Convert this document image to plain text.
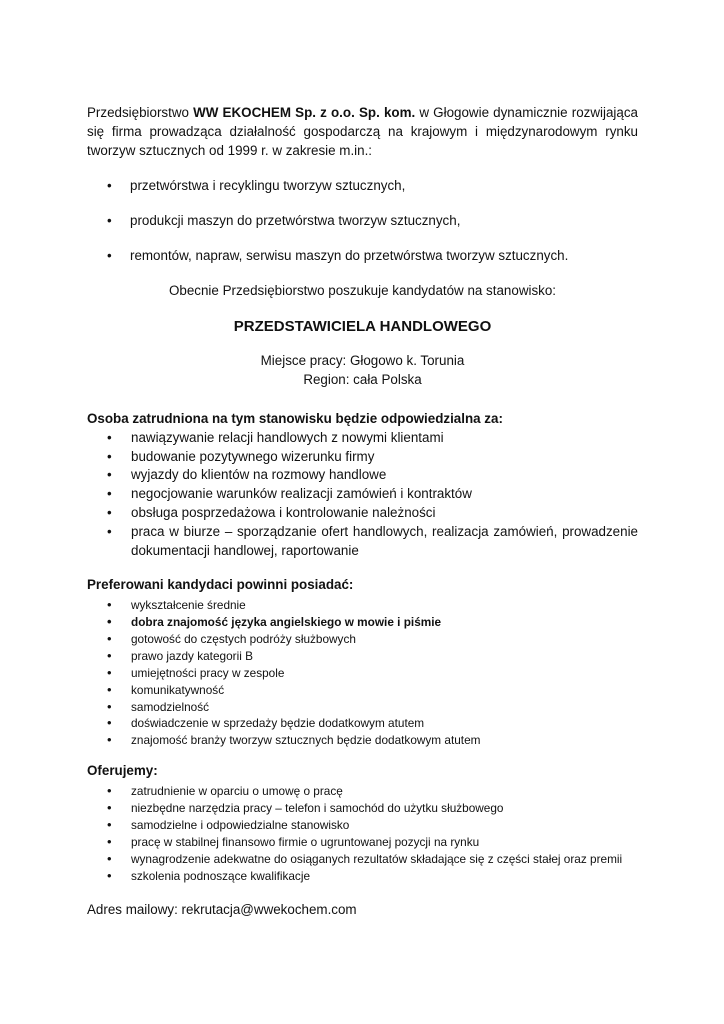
Przedsiębiorstwo WW EKOCHEM Sp. z o.o. Sp. kom. w Głogowie dynamicznie rozwijająca się firma prowadząca działalność gospodarczą na krajowym i międzynarodowym rynku tworzyw sztucznych od 1999 r. w zakresie m.in.:

• przetwórstwa i recyklingu tworzyw sztucznych,
• produkcji maszyn do przetwórstwa tworzyw sztucznych,
• remontów, napraw, serwisu maszyn do przetwórstwa tworzyw sztucznych.

Obecnie Przedsiębiorstwo poszukuje kandydatów na stanowisko:

PRZEDSTAWICIELA HANDLOWEGO

Miejsce pracy: Głogowo k. Torunia

Region: cała Polska

Osoba zatrudniona na tym stanowisku będzie odpowiedzialna za:

• nawiązywanie relacji handlowych z nowymi klientami
• budowanie pozytywnego wizerunku firmy
• wyjazdy do klientów na rozmowy handlowe
• negocjowanie warunków realizacji zamówień i kontraktów
• obsługa posprzedażowa i kontrolowanie należności
• praca w biurze – sporządzanie ofert handlowych, realizacja zamówień, prowadzenie dokumentacji handlowej, raportowanie

Preferowani kandydaci powinni posiadać:

• wykształcenie średnie
• dobra znajomość języka angielskiego w mowie i piśmie
• gotowość do częstych podróży służbowych
• prawo jazdy kategorii B
• umiejętności pracy w zespole
• komunikatywność
• samodzielność
• doświadczenie w sprzedaży będzie dodatkowym atutem
• znajomość branży tworzyw sztucznych będzie dodatkowym atutem

Oferujemy:

• zatrudnienie w oparciu o umowę o pracę
• niezbędne narzędzia pracy – telefon i samochód do użytku służbowego
• samodzielne i odpowiedzialne stanowisko
• pracę w stabilnej finansowo firmie o ugruntowanej pozycji na rynku
• wynagrodzenie adekwatne do osiąganych rezultatów składające się z części stałej oraz premii
• szkolenia podnoszące kwalifikacje

Adres mailowy: rekrutacja@wwekochem.com
